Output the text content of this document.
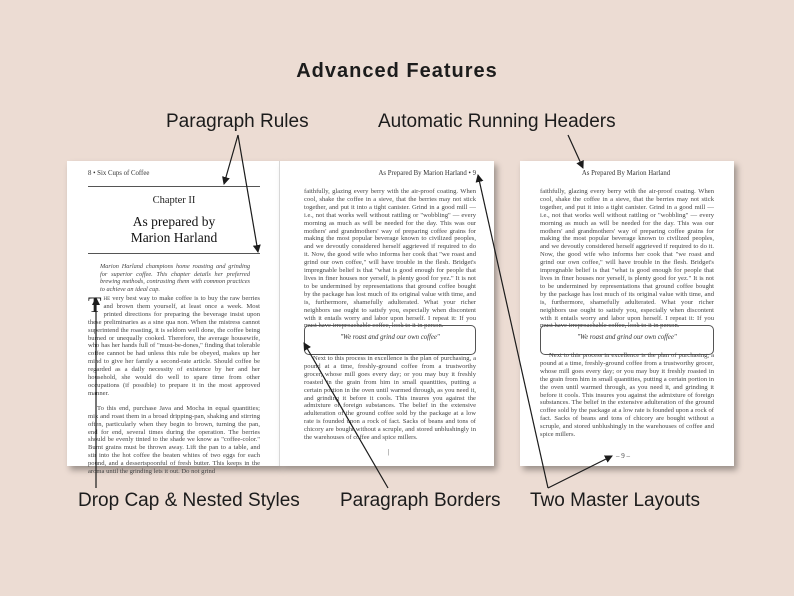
Advanced Features
Paragraph Rules	Automatic Running Headers
Drop Cap & Nested Styles Paragraph Borders Two Master Layouts
8 • Six Cups of Coffee
Chapter II
As prepared by
Marion Harland
Marion Harland champions home roasting and grinding for superior coffee. This chapter details her preferred brewing methods, contrasting them with common practices to achieve an ideal cup.

The very best way to make coffee is to buy the raw berries and brown them yourself, at least once a week. Most printed directions for preparing the beverage insist upon these preliminaries as a sine qua non. When the mistress cannot superintend the roasting, it is seldom well done, the coffee being burned or unequally cooked. Therefore, the average housewife, who has her hands full of "must-be-dones," finding that tolerable coffee cannot be had unless this rule be obeyed, makes up her mind to give her family a second-rate article. Should coffee be regarded as a daily necessity of existence by her and her household, she would do well to spare time from other occupations (if possible) to prepare it in the most approved manner.

To this end, purchase Java and Mocha in equal quantities; mix and roast them in a broad dripping-pan, shaking and stirring often, particularly when they begin to brown, turning the pan, end for end, several times during the operation. The berries should be evenly tinted to the shade we know as "coffee-color." Burnt grains must be thrown away. Lift the pan to a table, and stir into the hot coffee the beaten whites of two eggs for each pound, and a dessertspoonful of fresh butter. This keeps in the aroma until the grinding lets it out. Do not grind

As Prepared By Marion Harland • 9

faithfully, glazing every berry with the air-proof coating. When cool, shake the coffee in a sieve, that the berries may not stick together, and put it into a tight canister. Grind in a good mill — i.e., not that works well without rattling or "wobbling" — every morning as much as will be needed for the day. This was our mothers' and grandmothers' way of preparing coffee grains for making the most popular beverage known to civilized peoples, and we devoutly considered herself aggrieved if required to do it. Now, the good wife who informs her cook that "we roast and grind our own coffee," will have trouble in the flesh. Bridget's impregnable belief is that "what is good enough for people that lives in finer houses nor yerself, is plenty good for yez." It is not to be undermined by representations that ground coffee bought by the package has lost much of its original value with time, and is, furthermore, shamefully adulterated. What your richer neighbors use ought to satisfy you, especially when discontent with it entails worry and labor upon herself. I repeat it: If you must have irreproachable coffee, look to it in person.

"We roast and grind our own coffee"

Next to this process in excellence is the plan of purchasing, a pound at a time, freshly-ground coffee from a trustworthy grocer, whose mill goes every day; or you may buy it freshly roasted in the grain from him in small quantities, putting a certain portion in the oven until warmed through, as you need it, and grinding it before it cools. This insures you against the admixture of foreign substances. The belief in the extensive adulteration of the ground coffee sold by the package at a low rate is founded upon a rock of fact. Sacks of beans and tons of chicory are bought without a scruple, and stored unblushingly in the warehouses of coffee and spice millers.

|
As Prepared By Marion Harland

faithfully, glazing every berry with the air-proof coating. When cool, shake the coffee in a sieve, that the berries may not stick together, and put it into a tight canister. Grind in a good mill — i.e., not that works well without rattling or "wobbling" — every morning as much as will be needed for the day. This was our mothers' and grandmothers' way of preparing coffee grains for making the most popular beverage known to civilized peoples, and we devoutly considered herself aggrieved if required to do it. Now, the good wife who informs her cook that "we roast and grind our own coffee," will have trouble in the flesh. Bridget's impregnable belief is that "what is good enough for people that lives in finer houses nor yerself, is plenty good for yez." It is not to be undermined by representations that ground coffee bought by the package has lost much of its original value with time, and is, furthermore, shamefully adulterated. What your richer neighbors use ought to satisfy you, especially when discontent with it entails worry and labor upon herself. I repeat it: If you must have irreproachable coffee, look to it in person.

"We roast and grind our own coffee"

Next to this process in excellence is the plan of purchasing, a pound at a time, freshly-ground coffee from a trustworthy grocer, whose mill goes every day; or you may buy it freshly roasted in the grain from him in small quantities, putting a certain portion in the oven until warmed through, as you need it, and grinding it before it cools. This insures you against the admixture of foreign substances. The belief in the extensive adulteration of the ground coffee sold by the package at a low rate is founded upon a rock of fact. Sacks of beans and tons of chicory are bought without a scruple, and stored unblushingly in the warehouses of coffee and spice millers.

– 9 –
